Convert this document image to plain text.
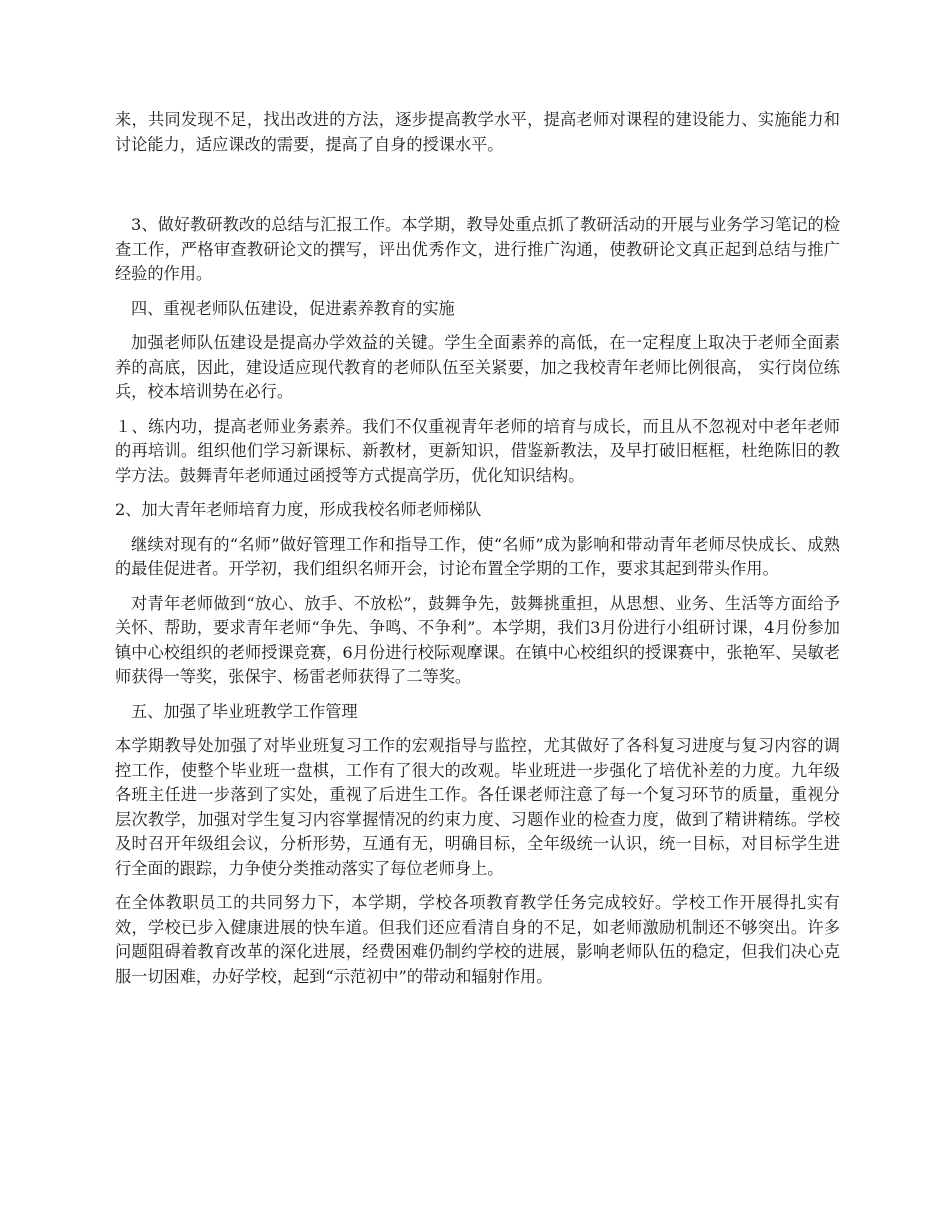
来，共同发现不足，找出改进的方法，逐步提高教学水平，提高老师对课程的建设能力、实施能力和讨论能力，适应课改的需要，提高了自身的授课水平。

3、做好教研教改的总结与汇报工作。本学期，教导处重点抓了教研活动的开展与业务学习笔记的检查工作，严格审查教研论文的撰写，评出优秀作文，进行推广沟通，使教研论文真正起到总结与推广经验的作用。

四、重视老师队伍建设，促进素养教育的实施

加强老师队伍建设是提高办学效益的关键。学生全面素养的高低，在一定程度上取决于老师全面素养的高底，因此，建设适应现代教育的老师队伍至关紧要，加之我校青年老师比例很高， 实行岗位练兵，校本培训势在必行。

１、练内功，提高老师业务素养。我们不仅重视青年老师的培育与成长，而且从不忽视对中老年老师的再培训。组织他们学习新课标、新教材，更新知识，借鉴新教法，及早打破旧框框，杜绝陈旧的教学方法。鼓舞青年老师通过函授等方式提高学历，优化知识结构。

2、加大青年老师培育力度，形成我校名师老师梯队

继续对现有的“名师”做好管理工作和指导工作，使“名师”成为影响和带动青年老师尽快成长、成熟的最佳促进者。开学初，我们组织名师开会，讨论布置全学期的工作，要求其起到带头作用。

对青年老师做到“放心、放手、不放松”，鼓舞争先，鼓舞挑重担，从思想、业务、生活等方面给予关怀、帮助，要求青年老师“争先、争鸣、不争利”。本学期，我们3月份进行小组研讨课，4月份参加镇中心校组织的老师授课竞赛，6月份进行校际观摩课。在镇中心校组织的授课赛中，张艳军、吴敏老师获得一等奖，张保宇、杨雷老师获得了二等奖。

五、加强了毕业班教学工作管理

本学期教导处加强了对毕业班复习工作的宏观指导与监控，尤其做好了各科复习进度与复习内容的调控工作，使整个毕业班一盘棋，工作有了很大的改观。毕业班进一步强化了培优补差的力度。九年级各班主任进一步落到了实处，重视了后进生工作。各任课老师注意了每一个复习环节的质量，重视分层次教学，加强对学生复习内容掌握情况的约束力度、习题作业的检查力度，做到了精讲精练。学校及时召开年级组会议，分析形势，互通有无，明确目标，全年级统一认识，统一目标，对目标学生进行全面的跟踪，力争使分类推动落实了每位老师身上。

在全体教职员工的共同努力下，本学期，学校各项教育教学任务完成较好。学校工作开展得扎实有效，学校已步入健康进展的快车道。但我们还应看清自身的不足，如老师激励机制还不够突出。许多问题阻碍着教育改革的深化进展，经费困难仍制约学校的进展，影响老师队伍的稳定，但我们决心克服一切困难，办好学校，起到“示范初中”的带动和辐射作用。
